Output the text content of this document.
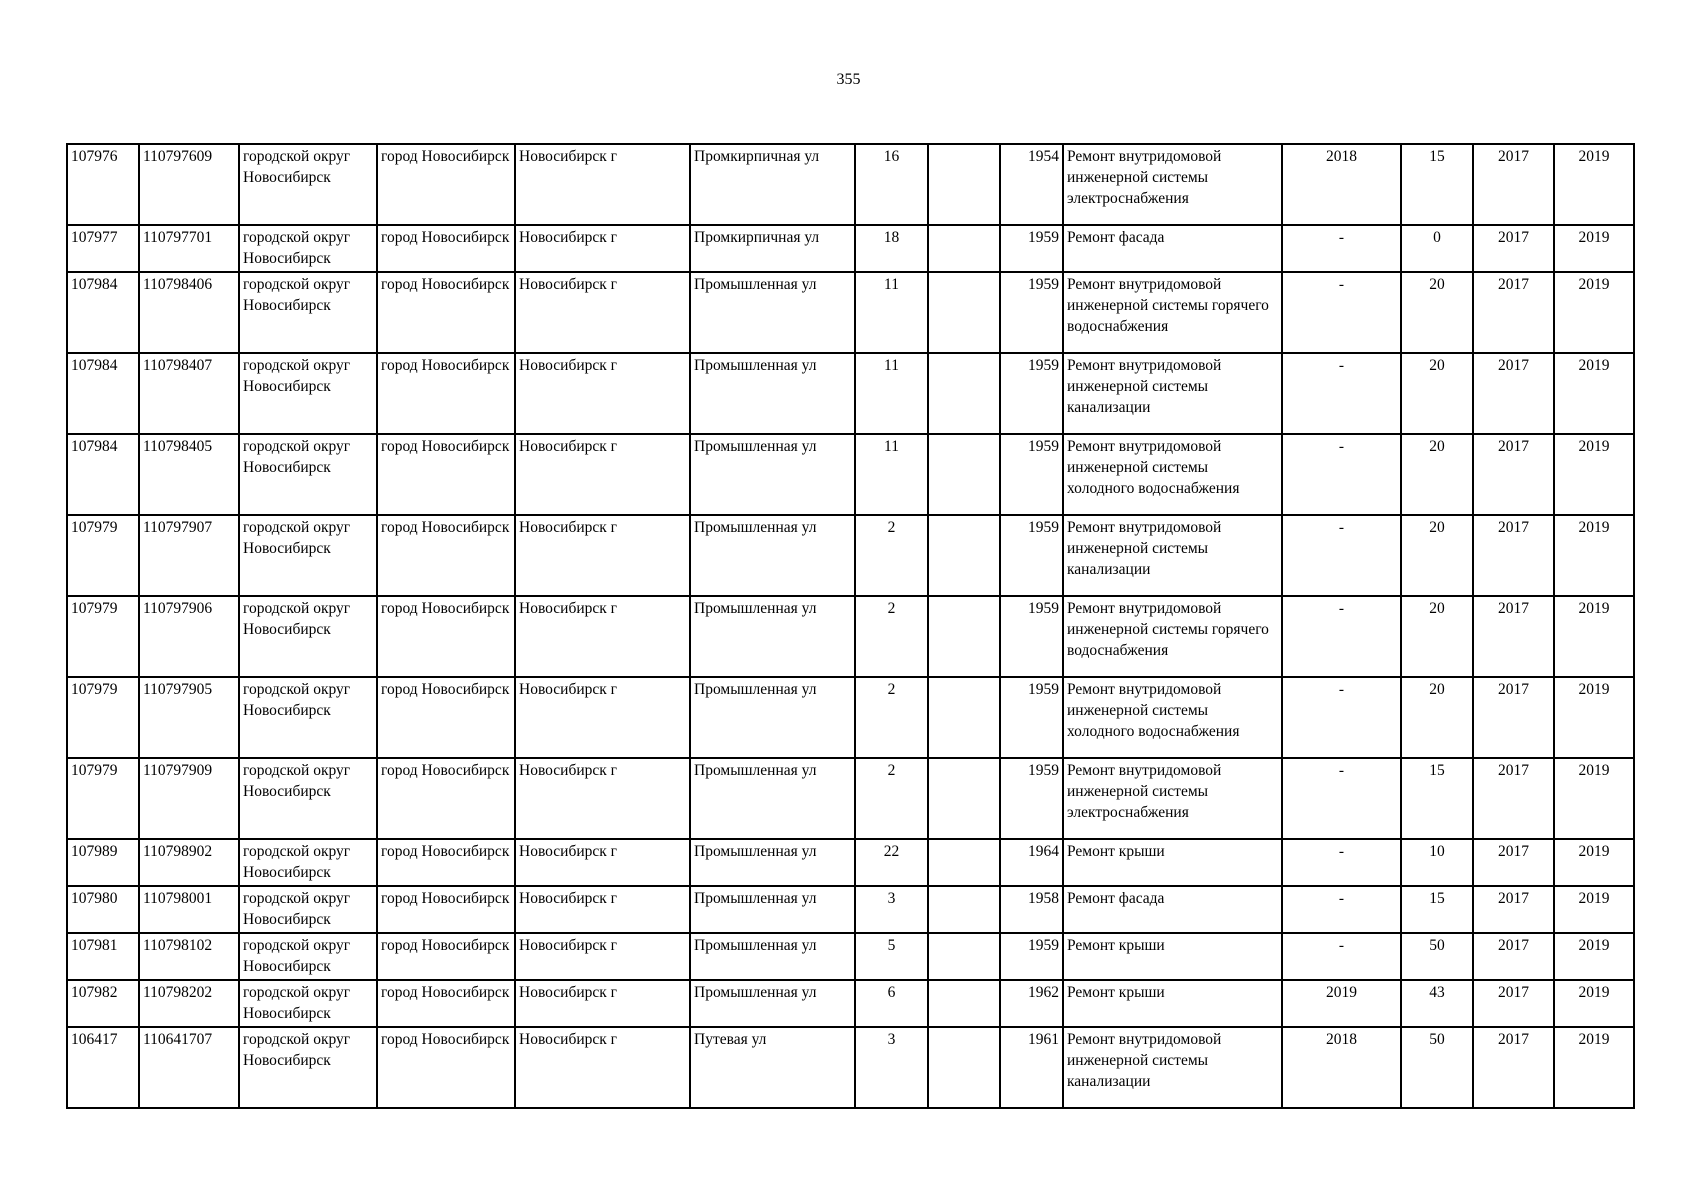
355
107976	110797609	городской округ Новосибирск	город Новосибирск	Новосибирск г	Промкирпичная ул	16		1954	Ремонт внутридомовой инженерной системы электроснабжения	2018	15	2017	2019
107977	110797701	городской округ Новосибирск	город Новосибирск	Новосибирск г	Промкирпичная ул	18		1959	Ремонт фасада	-	0	2017	2019
107984	110798406	городской округ Новосибирск	город Новосибирск	Новосибирск г	Промышленная ул	11		1959	Ремонт внутридомовой инженерной системы горячего водоснабжения	-	20	2017	2019
107984	110798407	городской округ Новосибирск	город Новосибирск	Новосибирск г	Промышленная ул	11		1959	Ремонт внутридомовой инженерной системы канализации	-	20	2017	2019
107984	110798405	городской округ Новосибирск	город Новосибирск	Новосибирск г	Промышленная ул	11		1959	Ремонт внутридомовой инженерной системы холодного водоснабжения	-	20	2017	2019
107979	110797907	городской округ Новосибирск	город Новосибирск	Новосибирск г	Промышленная ул	2		1959	Ремонт внутридомовой инженерной системы канализации	-	20	2017	2019
107979	110797906	городской округ Новосибирск	город Новосибирск	Новосибирск г	Промышленная ул	2		1959	Ремонт внутридомовой инженерной системы горячего водоснабжения	-	20	2017	2019
107979	110797905	городской округ Новосибирск	город Новосибирск	Новосибирск г	Промышленная ул	2		1959	Ремонт внутридомовой инженерной системы холодного водоснабжения	-	20	2017	2019
107979	110797909	городской округ Новосибирск	город Новосибирск	Новосибирск г	Промышленная ул	2		1959	Ремонт внутридомовой инженерной системы электроснабжения	-	15	2017	2019
107989	110798902	городской округ Новосибирск	город Новосибирск	Новосибирск г	Промышленная ул	22		1964	Ремонт крыши	-	10	2017	2019
107980	110798001	городской округ Новосибирск	город Новосибирск	Новосибирск г	Промышленная ул	3		1958	Ремонт фасада	-	15	2017	2019
107981	110798102	городской округ Новосибирск	город Новосибирск	Новосибирск г	Промышленная ул	5		1959	Ремонт крыши	-	50	2017	2019
107982	110798202	городской округ Новосибирск	город Новосибирск	Новосибирск г	Промышленная ул	6		1962	Ремонт крыши	2019	43	2017	2019
106417	110641707	городской округ Новосибирск	город Новосибирск	Новосибирск г	Путевая ул	3		1961	Ремонт внутридомовой инженерной системы канализации	2018	50	2017	2019
